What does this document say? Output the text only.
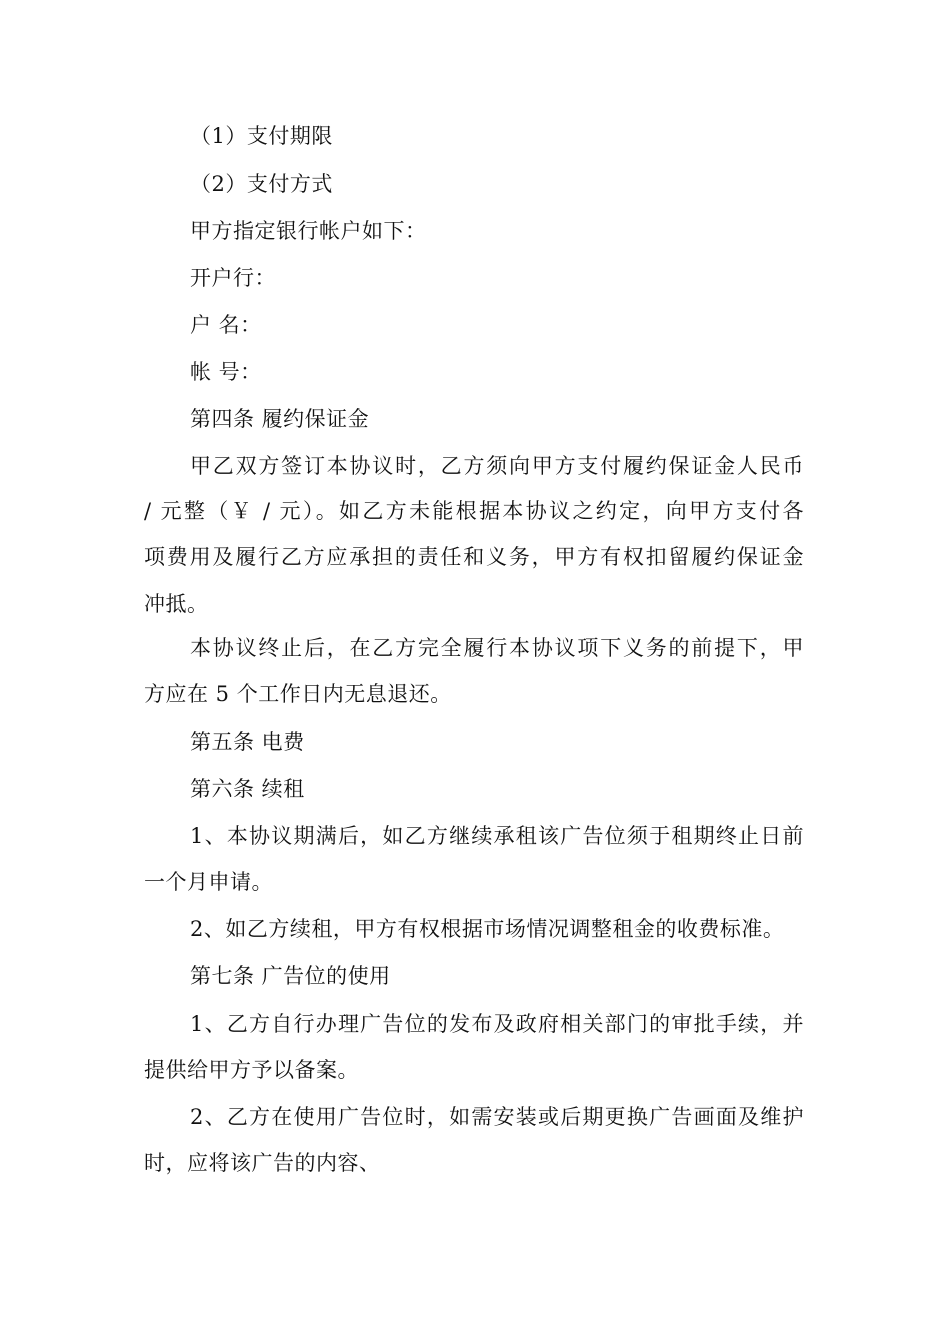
（1）支付期限
（2）支付方式
甲方指定银行帐户如下：
开户行：
户 名：
帐 号：
第四条 履约保证金
甲乙双方签订本协议时，乙方须向甲方支付履约保证金人民币
/ 元整（￥ / 元）。如乙方未能根据本协议之约定，向甲方支付各
项费用及履行乙方应承担的责任和义务，甲方有权扣留履约保证金
冲抵。
本协议终止后，在乙方完全履行本协议项下义务的前提下，甲
方应在 5 个工作日内无息退还。
第五条 电费
第六条 续租
1、本协议期满后，如乙方继续承租该广告位须于租期终止日前
一个月申请。
2、如乙方续租，甲方有权根据市场情况调整租金的收费标准。
第七条 广告位的使用
1、乙方自行办理广告位的发布及政府相关部门的审批手续，并
提供给甲方予以备案。
2、乙方在使用广告位时，如需安装或后期更换广告画面及维护
时，应将该广告的内容、
